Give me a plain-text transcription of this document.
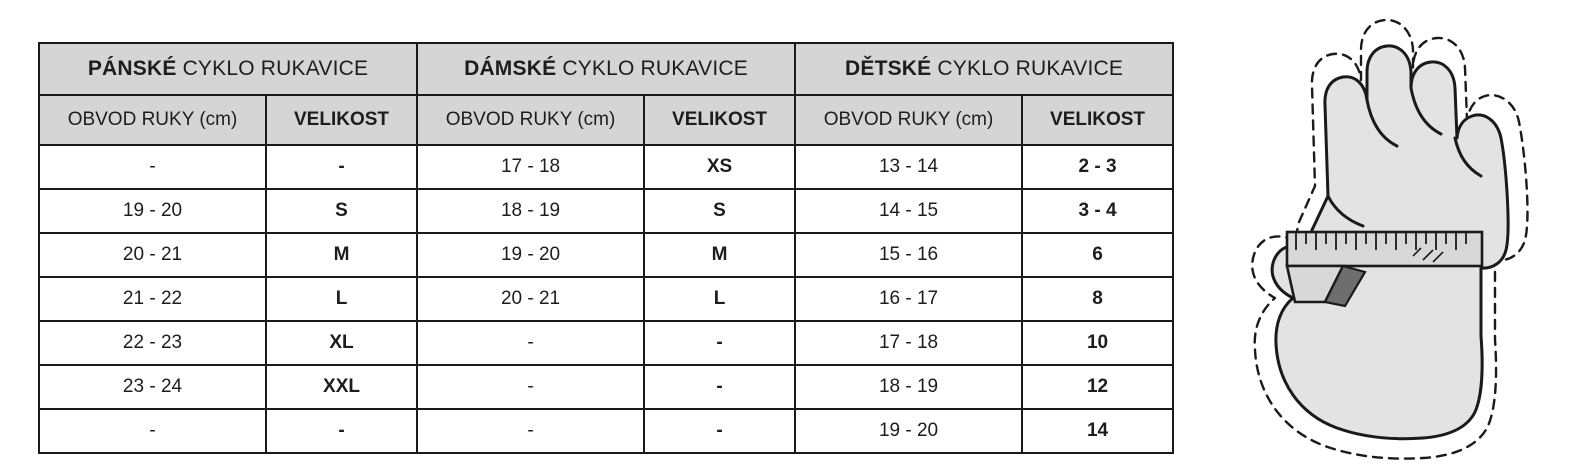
PÁNSKÉ CYKLO RUKAVICE		DÁMSKÉ CYKLO RUKAVICE		DĚTSKÉ CYKLO RUKAVICE	
OBVOD RUKY (cm)	VELIKOST	OBVOD RUKY (cm)	VELIKOST	OBVOD RUKY (cm)	VELIKOST
-	-	17 - 18	XS	13 - 14	2 - 3
19 - 20	S	18 - 19	S	14 - 15	3 - 4
20 - 21	M	19 - 20	M	15 - 16	6
21 - 22	L	20 - 21	L	16 - 17	8
22 - 23	XL	-	-	17 - 18	10
23 - 24	XXL	-	-	18 - 19	12
-	-	-	-	19 - 20	14
